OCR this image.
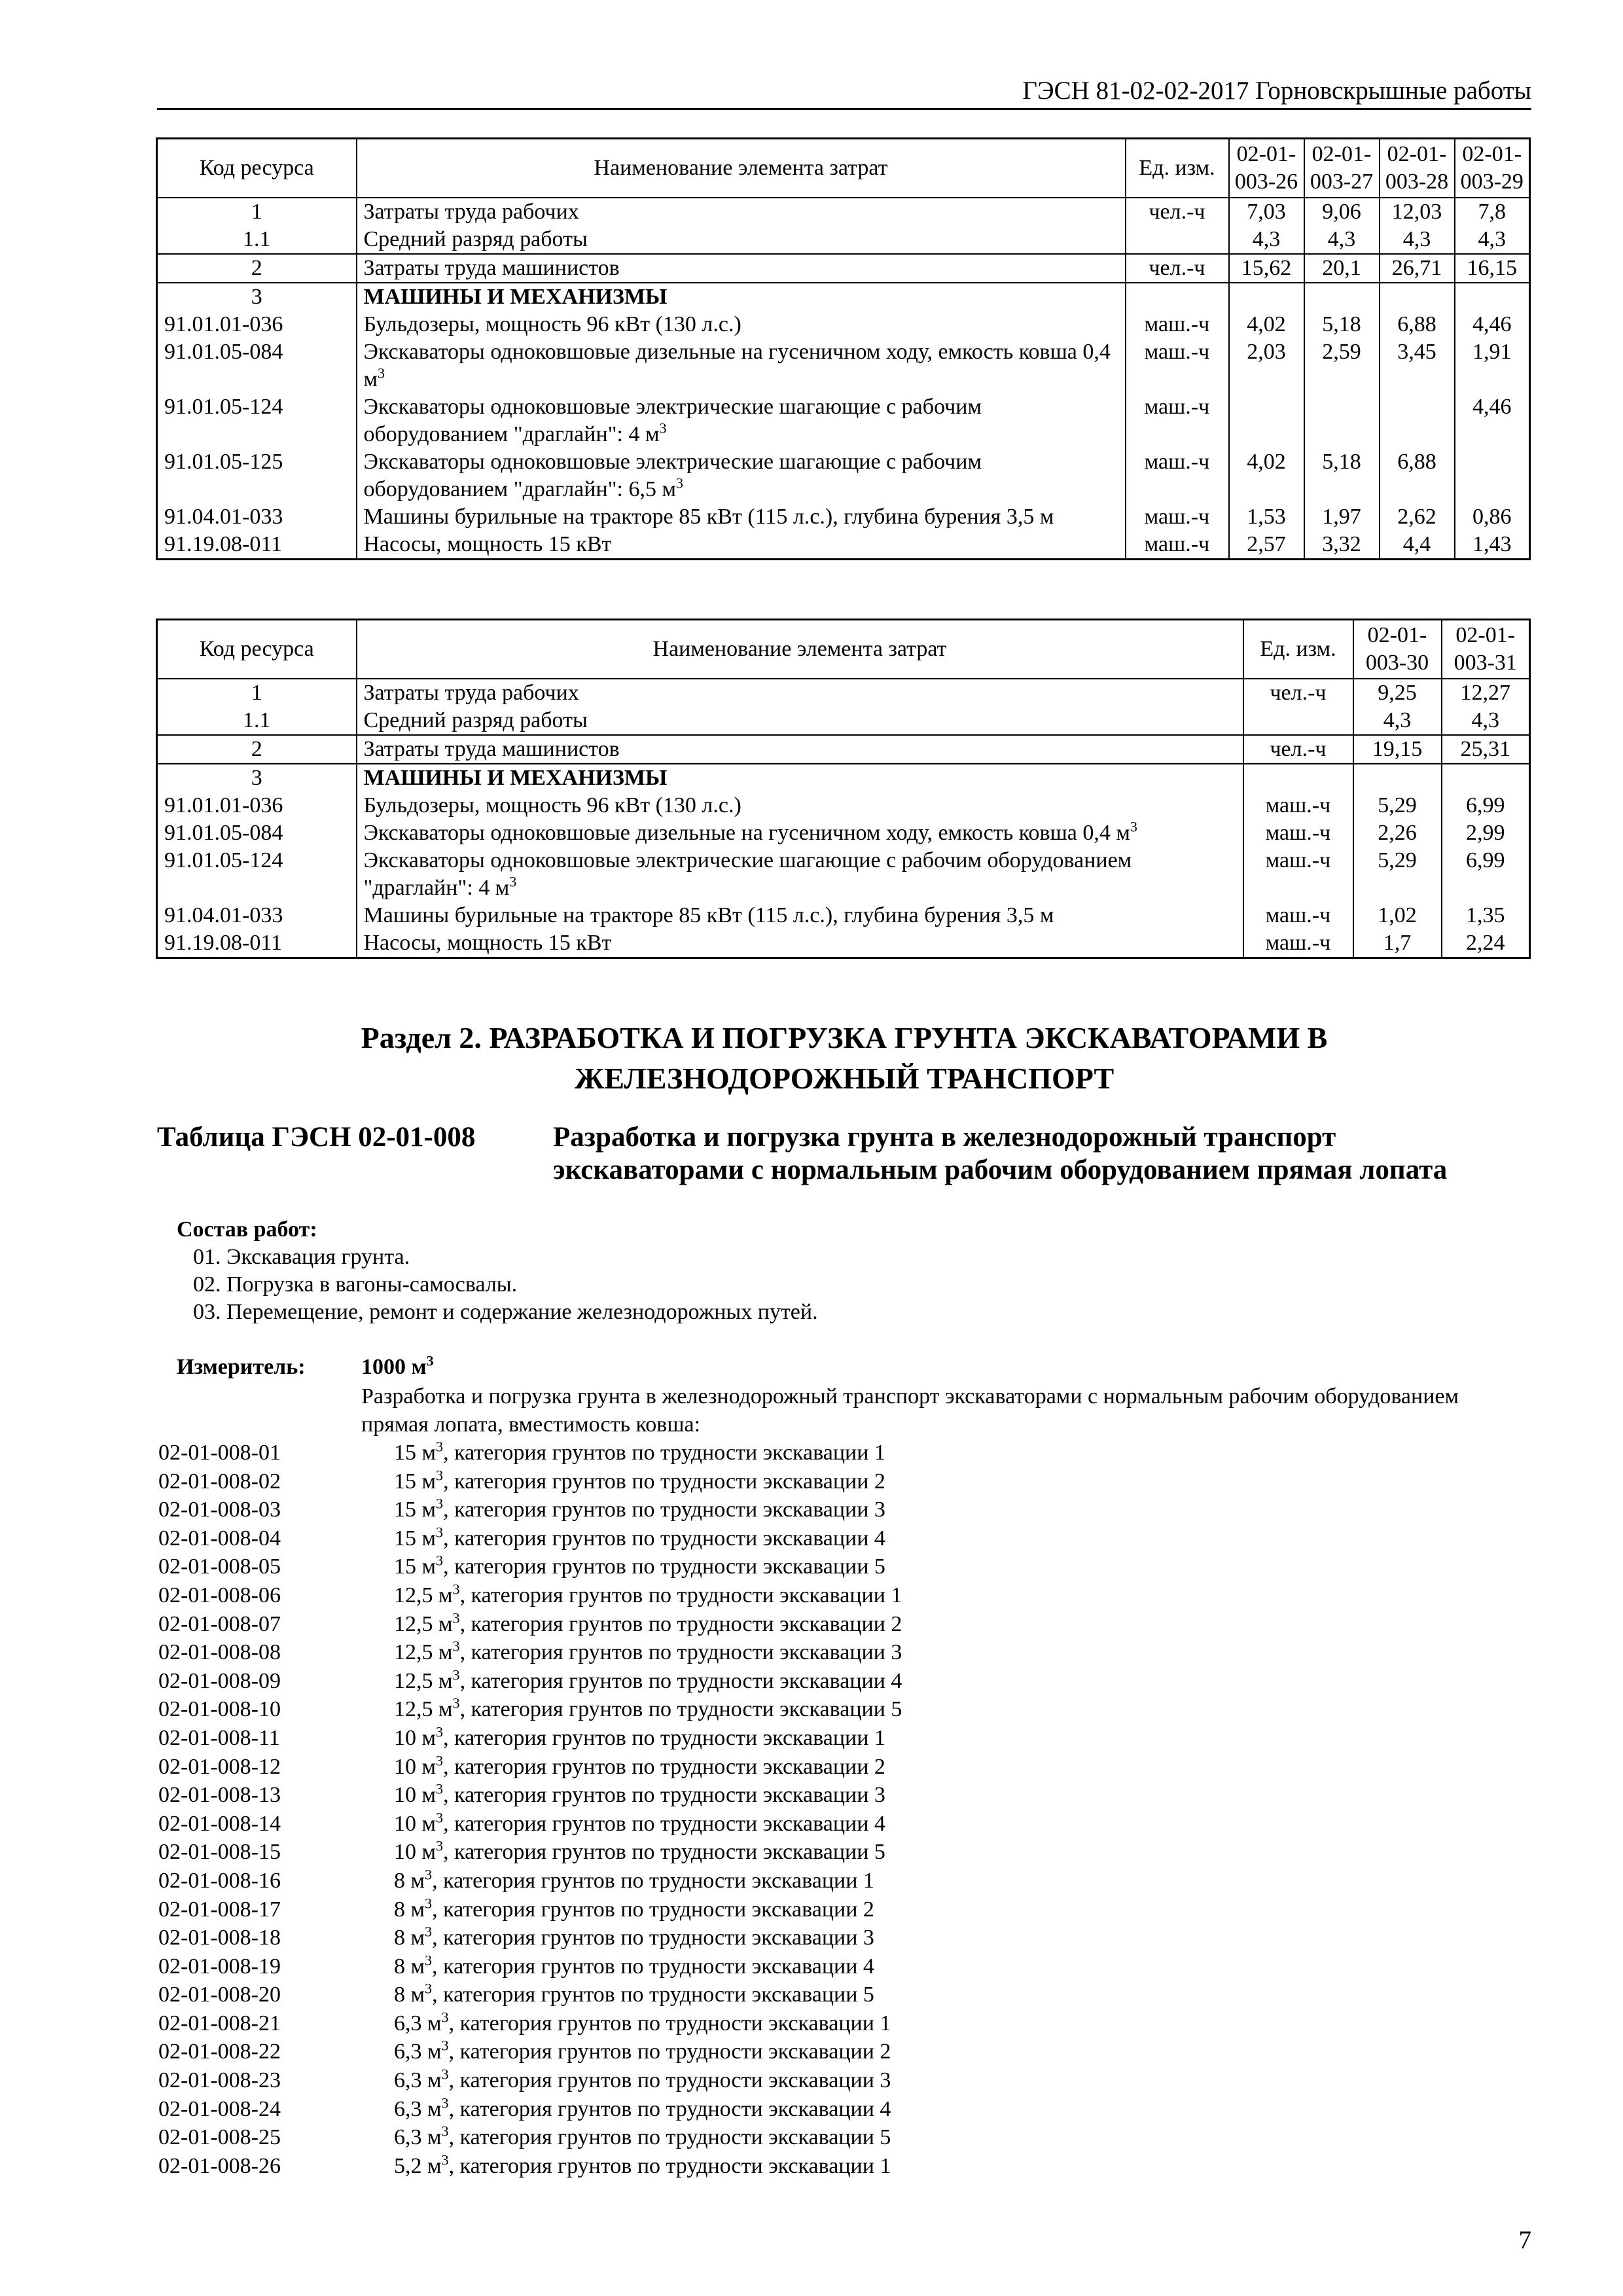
ГЭСН 81-02-02-2017 Горновскрышные работы
Код ресурса	Наименование элемента затрат	Ед. изм.	02-01-003-26	02-01-003-27	02-01-003-28	02-01-003-29
1	Затраты труда рабочих	чел.-ч	7,03	9,06	12,03	7,8
1.1	Средний разряд работы		4,3	4,3	4,3	4,3
2	Затраты труда машинистов	чел.-ч	15,62	20,1	26,71	16,15
3	МАШИНЫ И МЕХАНИЗМЫ					
91.01.01-036	Бульдозеры, мощность 96 кВт (130 л.с.)	маш.-ч	4,02	5,18	6,88	4,46
91.01.05-084	Экскаваторы одноковшовые дизельные на гусеничном ходу, емкость ковша 0,4 $м^3$	маш.-ч	2,03	2,59	3,45	1,91
91.01.05-124	Экскаваторы одноковшовые электрические шагающие с рабочим оборудованием "драглайн": 4 $м^3$	маш.-ч				4,46
91.01.05-125	Экскаваторы одноковшовые электрические шагающие с рабочим оборудованием "драглайн": 6,5 $м^3$	маш.-ч	4,02	5,18	6,88	
91.04.01-033	Машины бурильные на тракторе 85 кВт (115 л.с.), глубина бурения 3,5 м	маш.-ч	1,53	1,97	2,62	0,86
91.19.08-011	Насосы, мощность 15 кВт	маш.-ч	2,57	3,32	4,4	1,43
Код ресурса	Наименование элемента затрат	Ед. изм.	02-01-003-30	02-01-003-31
1	Затраты труда рабочих	чел.-ч	9,25	12,27
1.1	Средний разряд работы		4,3	4,3
2	Затраты труда машинистов	чел.-ч	19,15	25,31
3	МАШИНЫ И МЕХАНИЗМЫ			
91.01.01-036	Бульдозеры, мощность 96 кВт (130 л.с.)	маш.-ч	5,29	6,99
91.01.05-084	Экскаваторы одноковшовые дизельные на гусеничном ходу, емкость ковша 0,4 $м^3$	маш.-ч	2,26	2,99
91.01.05-124	Экскаваторы одноковшовые электрические шагающие с рабочим оборудованием "драглайн": 4 $м^3$	маш.-ч	5,29	6,99
91.04.01-033	Машины бурильные на тракторе 85 кВт (115 л.с.), глубина бурения 3,5 м	маш.-ч	1,02	1,35
91.19.08-011	Насосы, мощность 15 кВт	маш.-ч	1,7	2,24
Раздел 2. РАЗРАБОТКА И ПОГРУЗКА ГРУНТА ЭКСКАВАТОРАМИ В
ЖЕЛЕЗНОДОРОЖНЫЙ ТРАНСПОРТ
Таблица ГЭСН 02-01-008	Разработка и погрузка грунта в железнодорожный транспорт экскаваторами с нормальным рабочим оборудованием прямая лопата
Состав работ:
01. Экскавация грунта.
02. Погрузка в вагоны-самосвалы.
03. Перемещение, ремонт и содержание железнодорожных путей.
Измеритель:	1000 $м^3$
Разработка и погрузка грунта в железнодорожный транспорт экскаваторами с нормальным рабочим оборудованием прямая лопата, вместимость ковша:
02-01-008-01	15 $м^3$, категория грунтов по трудности экскавации 1
02-01-008-02	15 $м^3$, категория грунтов по трудности экскавации 2
02-01-008-03	15 $м^3$, категория грунтов по трудности экскавации 3
02-01-008-04	15 $м^3$, категория грунтов по трудности экскавации 4
02-01-008-05	15 $м^3$, категория грунтов по трудности экскавации 5
02-01-008-06	12,5 $м^3$, категория грунтов по трудности экскавации 1
02-01-008-07	12,5 $м^3$, категория грунтов по трудности экскавации 2
02-01-008-08	12,5 $м^3$, категория грунтов по трудности экскавации 3
02-01-008-09	12,5 $м^3$, категория грунтов по трудности экскавации 4
02-01-008-10	12,5 $м^3$, категория грунтов по трудности экскавации 5
02-01-008-11	10 $м^3$, категория грунтов по трудности экскавации 1
02-01-008-12	10 $м^3$, категория грунтов по трудности экскавации 2
02-01-008-13	10 $м^3$, категория грунтов по трудности экскавации 3
02-01-008-14	10 $м^3$, категория грунтов по трудности экскавации 4
02-01-008-15	10 $м^3$, категория грунтов по трудности экскавации 5
02-01-008-16	8 $м^3$, категория грунтов по трудности экскавации 1
02-01-008-17	8 $м^3$, категория грунтов по трудности экскавации 2
02-01-008-18	8 $м^3$, категория грунтов по трудности экскавации 3
02-01-008-19	8 $м^3$, категория грунтов по трудности экскавации 4
02-01-008-20	8 $м^3$, категория грунтов по трудности экскавации 5
02-01-008-21	6,3 $м^3$, категория грунтов по трудности экскавации 1
02-01-008-22	6,3 $м^3$, категория грунтов по трудности экскавации 2
02-01-008-23	6,3 $м^3$, категория грунтов по трудности экскавации 3
02-01-008-24	6,3 $м^3$, категория грунтов по трудности экскавации 4
02-01-008-25	6,3 $м^3$, категория грунтов по трудности экскавации 5
02-01-008-26	5,2 $м^3$, категория грунтов по трудности экскавации 1
7
